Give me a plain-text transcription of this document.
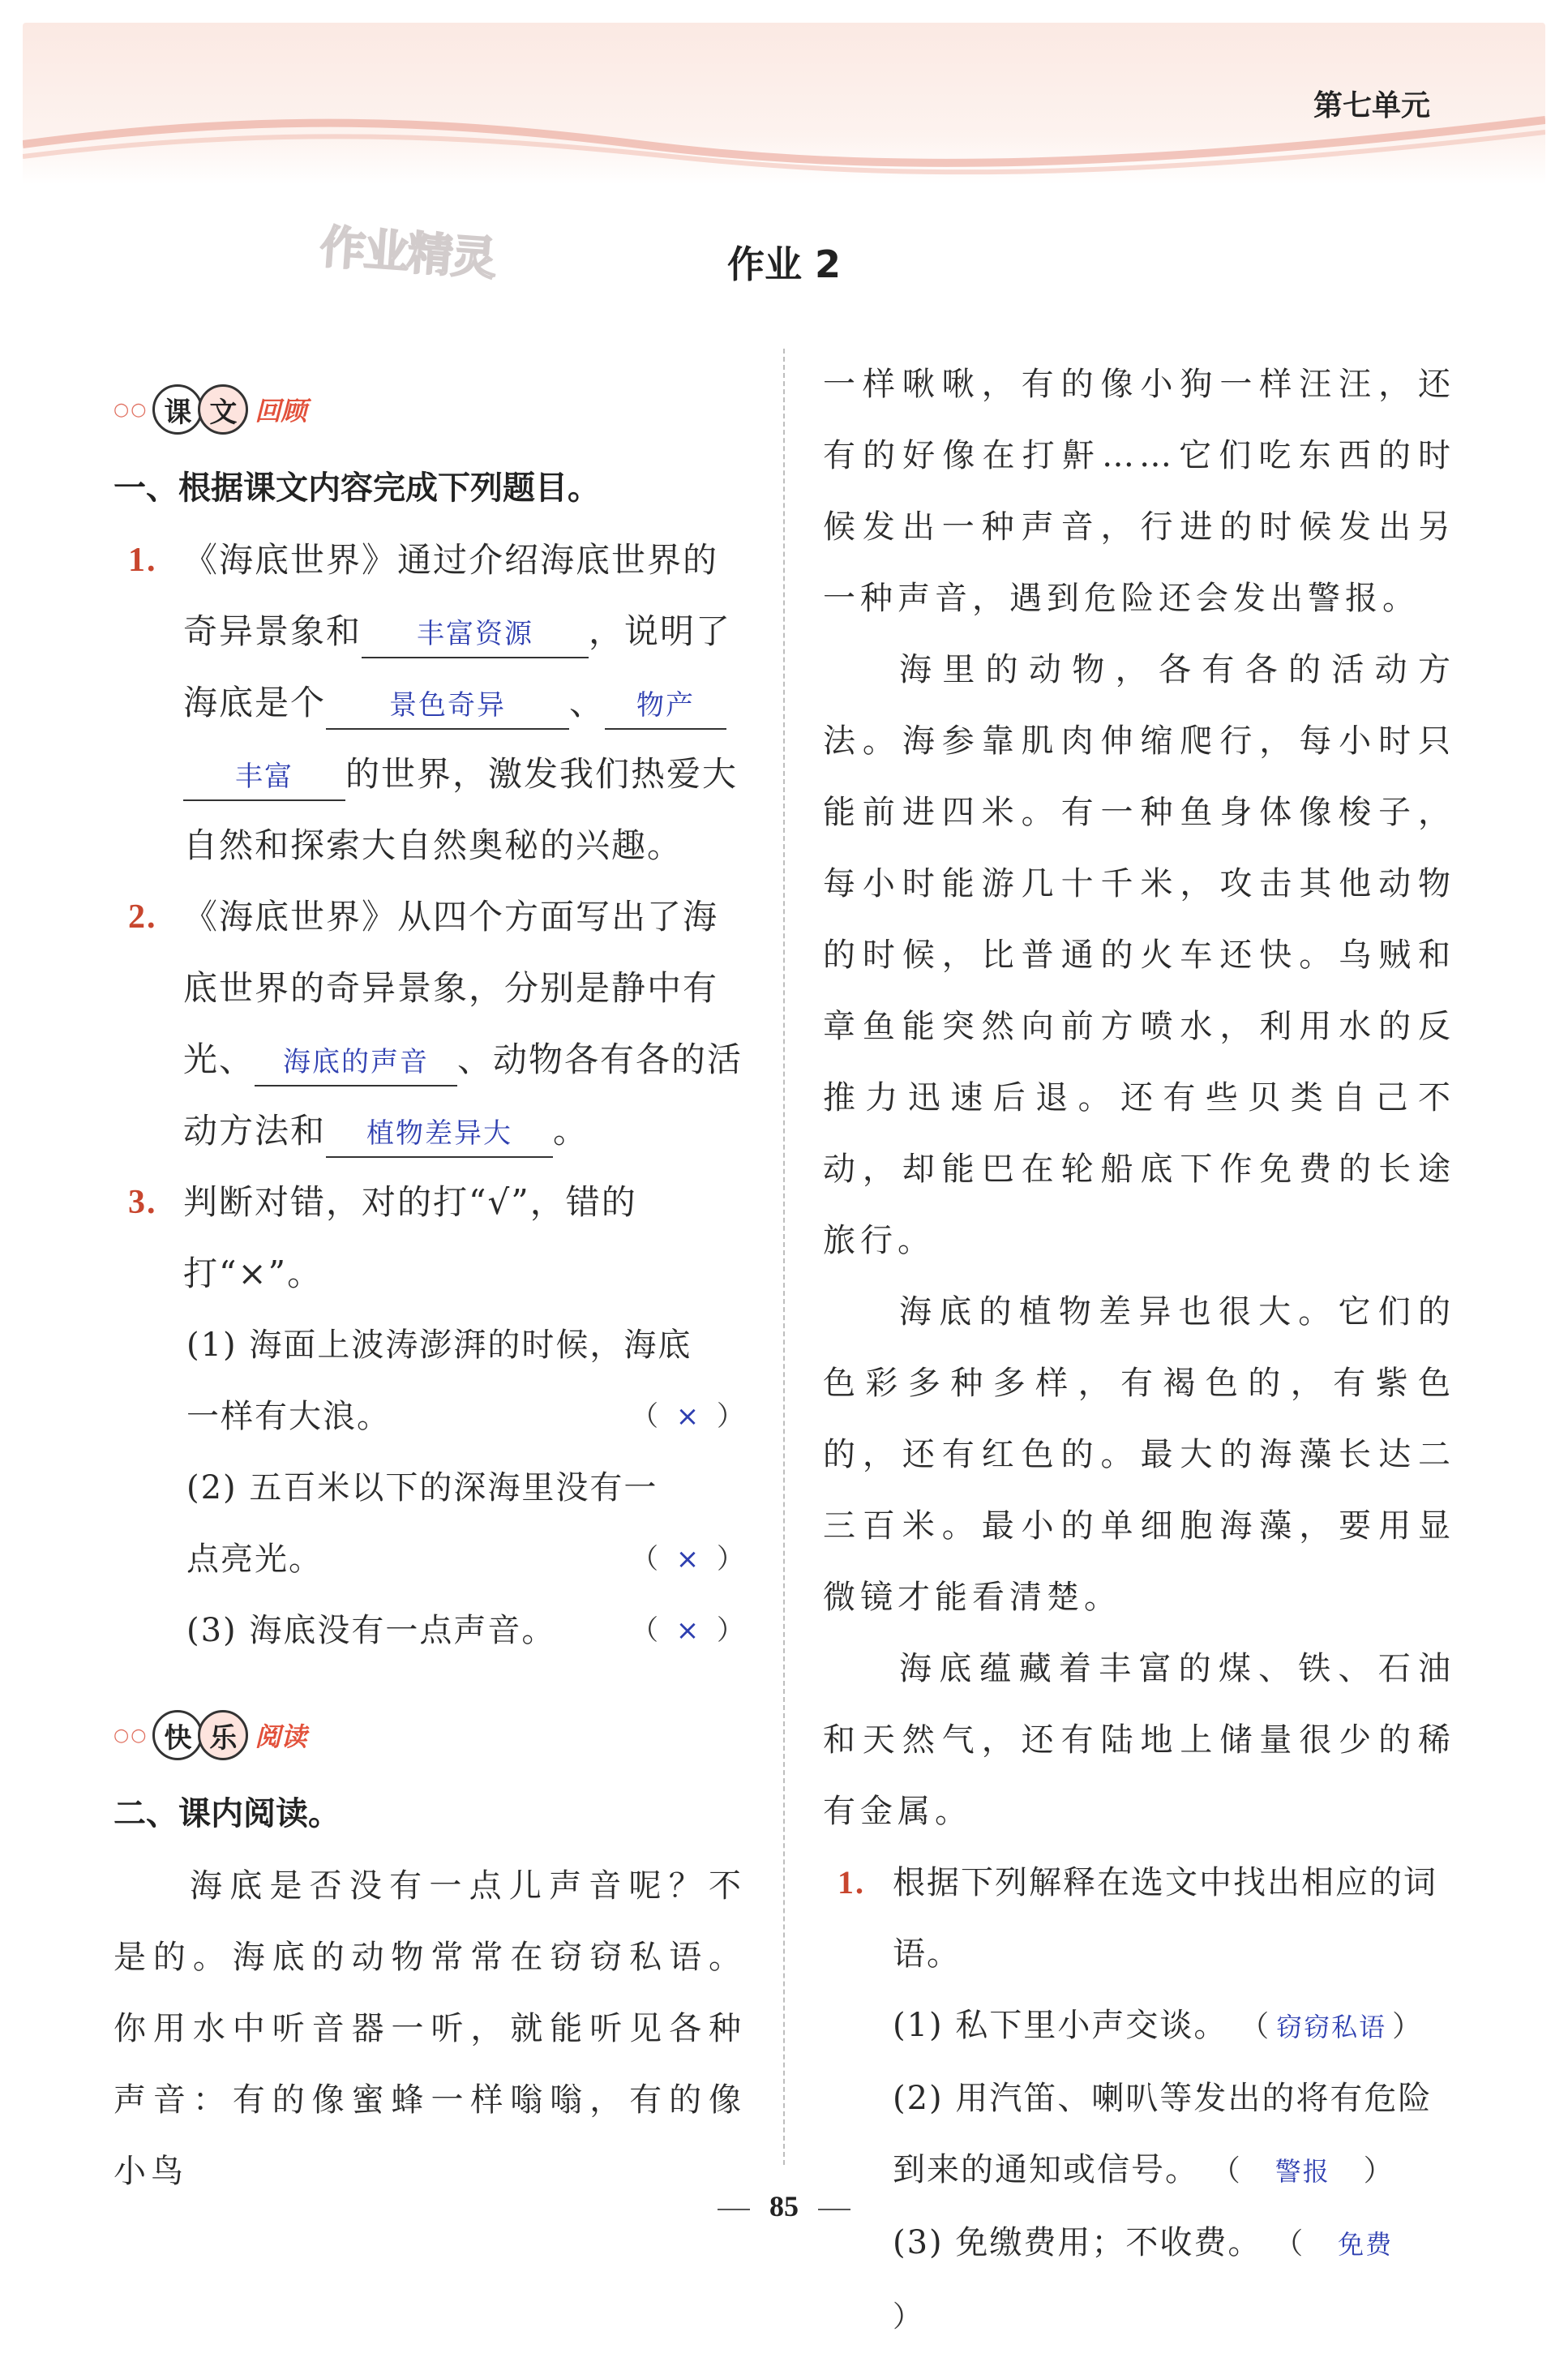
第七单元
作业精灵	作业 2
○○ 课 文 回顾
一、根据课文内容完成下列题目。
1. 《海底世界》通过介绍海底世界的奇异景象和 丰富资源 ，说明了海底是个 景色奇异 、 物产
丰富 的世界，激发我们热爱大自然和探索大自然奥秘的兴趣。
2. 《海底世界》从四个方面写出了海底世界的奇异景象，分别是静中有光、 海底的声音 、动物各有各的活动方法和 植物差异大 。
3. 判断对错，对的打“√”，错的打“×”。
(1) 海面上波涛澎湃的时候，海底
一样有大浪。	（ × ）
(2) 五百米以下的深海里没有一
点亮光。	（ × ）
(3) 海底没有一点声音。	（ × ）
○○ 快 乐 阅读
二、课内阅读。
海底是否没有一点儿声音呢？不是的。海底的动物常常在窃窃私语。你用水中听音器一听，就能听见各种声音：有的像蜜蜂一样嗡嗡，有的像小鸟
一样啾啾，有的像小狗一样汪汪，还有的好像在打鼾……它们吃东西的时候发出一种声音，行进的时候发出另一种声音，遇到危险还会发出警报。
海里的动物，各有各的活动方法。海参靠肌肉伸缩爬行，每小时只能前进四米。有一种鱼身体像梭子，每小时能游几十千米，攻击其他动物的时候，比普通的火车还快。乌贼和章鱼能突然向前方喷水，利用水的反推力迅速后退。还有些贝类自己不动，却能巴在轮船底下作免费的长途旅行。
海底的植物差异也很大。它们的色彩多种多样，有褐色的，有紫色的，还有红色的。最大的海藻长达二三百米。最小的单细胞海藻，要用显微镜才能看清楚。
海底蕴藏着丰富的煤、铁、石油和天然气，还有陆地上储量很少的稀有金属。
1. 根据下列解释在选文中找出相应的词语。
(1) 私下里小声交谈。 （ 窃窃私语 ）
(2) 用汽笛、喇叭等发出的将有危险到来的通知或信号。 （ 警报 ）
(3) 免缴费用；不收费。 （ 免费）
85
